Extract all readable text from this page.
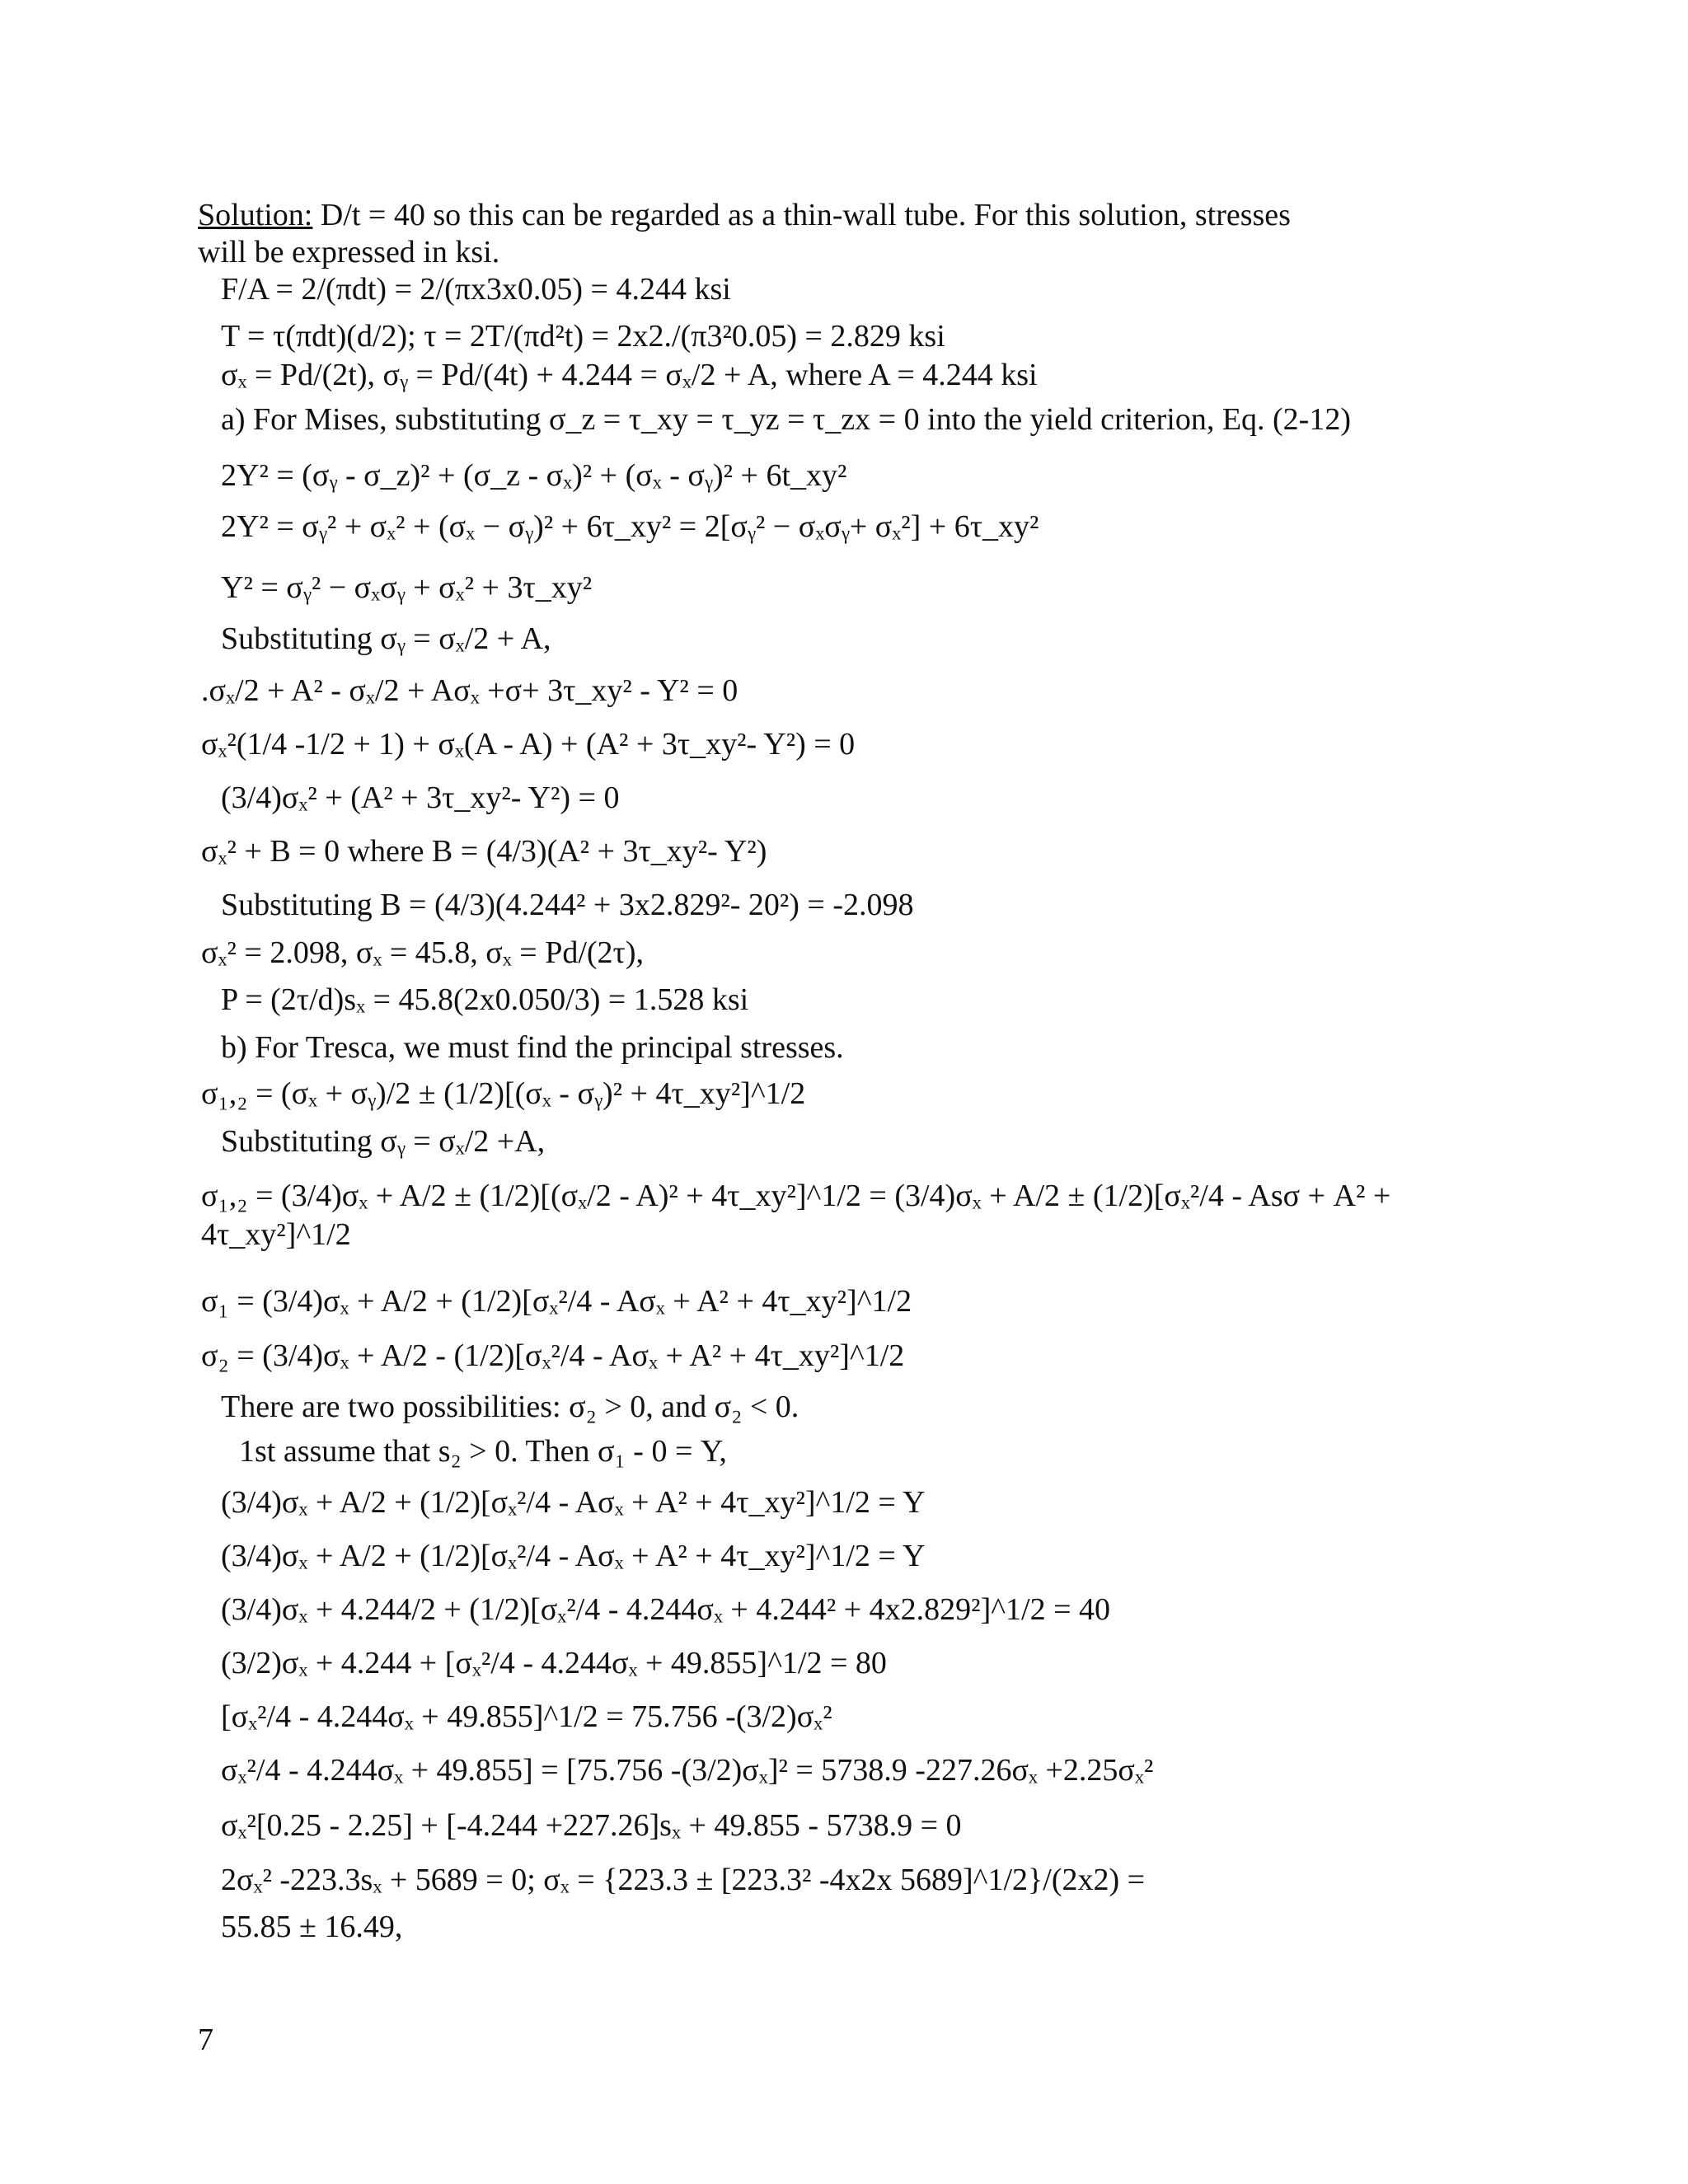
Solution: D/t = 40 so this can be regarded as a thin-wall tube. For this solution, stresses
will be expressed in ksi.
F/A = 2/(πdt) = 2/(πx3x0.05) = 4.244 ksi
T = τ(πdt)(d/2); τ = 2T/(πd²t) = 2x2./(π3²0.05) = 2.829 ksi
σₓ = Pd/(2t), σᵧ = Pd/(4t) + 4.244 = σₓ/2 + A, where A = 4.244 ksi
a) For Mises, substituting σ_z = τ_xy = τ_yz = τ_zx = 0 into the yield criterion, Eq. (2-12)
2Y² = (σᵧ - σ_z)² + (σ_z - σₓ)² + (σₓ - σᵧ)² + 6t_xy²
2Y² = σᵧ² + σₓ² + (σₓ − σᵧ)² + 6τ_xy² = 2[σᵧ² − σₓσᵧ+ σₓ²] + 6τ_xy²
Y² = σᵧ² − σₓσᵧ + σₓ² + 3τ_xy²
Substituting σᵧ = σₓ/2 + A,
.σₓ/2 + A² - σₓ/2 + Aσₓ +σ+ 3τ_xy² - Y² = 0
σₓ²(1/4 -1/2 + 1) + σₓ(A - A) + (A² + 3τ_xy²- Y²) = 0
(3/4)σₓ² + (A² + 3τ_xy²- Y²) = 0
σₓ² + B = 0 where B = (4/3)(A² + 3τ_xy²- Y²)
Substituting B = (4/3)(4.244² + 3x2.829²- 20²) = -2.098
σₓ² = 2.098, σₓ = 45.8, σₓ = Pd/(2τ),
P = (2τ/d)sₓ = 45.8(2x0.050/3) = 1.528 ksi
b) For Tresca, we must find the principal stresses.
σ₁,₂ = (σₓ + σᵧ)/2 ± (1/2)[(σₓ - σᵧ)² + 4τ_xy²]^1/2
Substituting σᵧ = σₓ/2 +A,
σ₁,₂ = (3/4)σₓ + A/2 ± (1/2)[(σₓ/2 - A)² + 4τ_xy²]^1/2 = (3/4)σₓ + A/2 ± (1/2)[σₓ²/4 - Asσ + A² +
4τ_xy²]^1/2
σ₁ = (3/4)σₓ + A/2 + (1/2)[σₓ²/4 - Aσₓ + A² + 4τ_xy²]^1/2
σ₂ = (3/4)σₓ + A/2 - (1/2)[σₓ²/4 - Aσₓ + A² + 4τ_xy²]^1/2
There are two possibilities: σ₂ > 0, and σ₂ < 0.
1st assume that s₂ > 0. Then σ₁ - 0 = Y,
(3/4)σₓ + A/2 + (1/2)[σₓ²/4 - Aσₓ + A² + 4τ_xy²]^1/2 = Y
(3/4)σₓ + A/2 + (1/2)[σₓ²/4 - Aσₓ + A² + 4τ_xy²]^1/2 = Y
(3/4)σₓ + 4.244/2 + (1/2)[σₓ²/4 - 4.244σₓ + 4.244² + 4x2.829²]^1/2 = 40
(3/2)σₓ + 4.244 + [σₓ²/4 - 4.244σₓ + 49.855]^1/2 = 80
[σₓ²/4 - 4.244σₓ + 49.855]^1/2 = 75.756 -(3/2)σₓ²
σₓ²/4 - 4.244σₓ + 49.855] = [75.756 -(3/2)σₓ]² = 5738.9 -227.26σₓ +2.25σₓ²
σₓ²[0.25 - 2.25] + [-4.244 +227.26]sₓ + 49.855 - 5738.9 = 0
2σₓ² -223.3sₓ + 5689 = 0; σₓ = {223.3 ± [223.3² -4x2x 5689]^1/2}/(2x2) =
55.85 ± 16.49,
7
